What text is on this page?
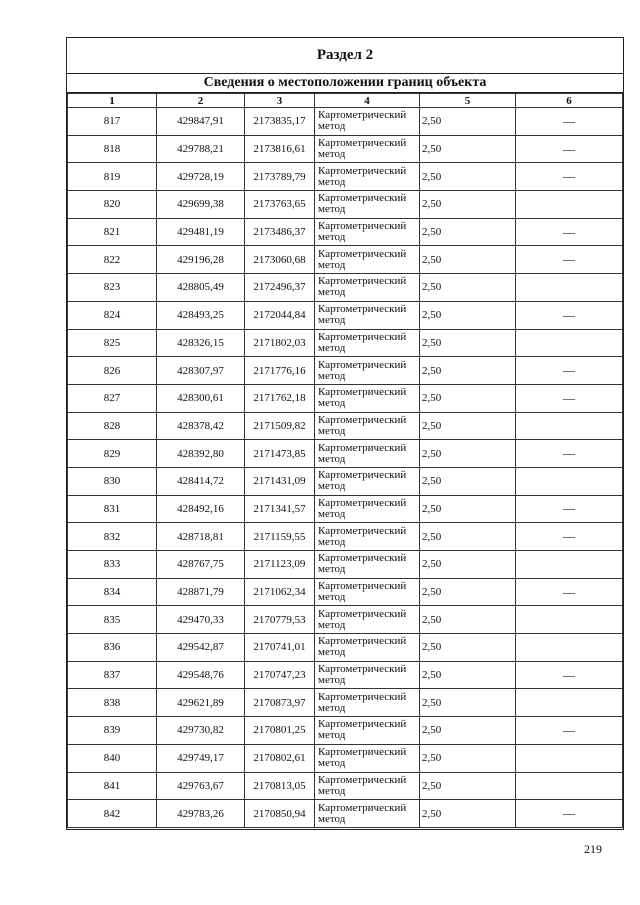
Раздел 2
Сведения о местоположении границ объекта
1	2	3	4	5	6
817	429847,91	2173835,17	Картометрический метод	2,50	—
818	429788,21	2173816,61	Картометрический метод	2,50	—
819	429728,19	2173789,79	Картометрический метод	2,50	—
820	429699,38	2173763,65	Картометрический метод	2,50	
821	429481,19	2173486,37	Картометрический метод	2,50	—
822	429196,28	2173060,68	Картометрический метод	2,50	—
823	428805,49	2172496,37	Картометрический метод	2,50	
824	428493,25	2172044,84	Картометрический метод	2,50	—
825	428326,15	2171802,03	Картометрический метод	2,50	
826	428307,97	2171776,16	Картометрический метод	2,50	—
827	428300,61	2171762,18	Картометрический метод	2,50	—
828	428378,42	2171509,82	Картометрический метод	2,50	
829	428392,80	2171473,85	Картометрический метод	2,50	—
830	428414,72	2171431,09	Картометрический метод	2,50	
831	428492,16	2171341,57	Картометрический метод	2,50	—
832	428718,81	2171159,55	Картометрический метод	2,50	—
833	428767,75	2171123,09	Картометрический метод	2,50	
834	428871,79	2171062,34	Картометрический метод	2,50	—
835	429470,33	2170779,53	Картометрический метод	2,50	
836	429542,87	2170741,01	Картометрический метод	2,50	
837	429548,76	2170747,23	Картометрический метод	2,50	—
838	429621,89	2170873,97	Картометрический метод	2,50	
839	429730,82	2170801,25	Картометрический метод	2,50	—
840	429749,17	2170802,61	Картометрический метод	2,50	
841	429763,67	2170813,05	Картометрический метод	2,50	
842	429783,26	2170850,94	Картометрический метод	2,50	—
219
